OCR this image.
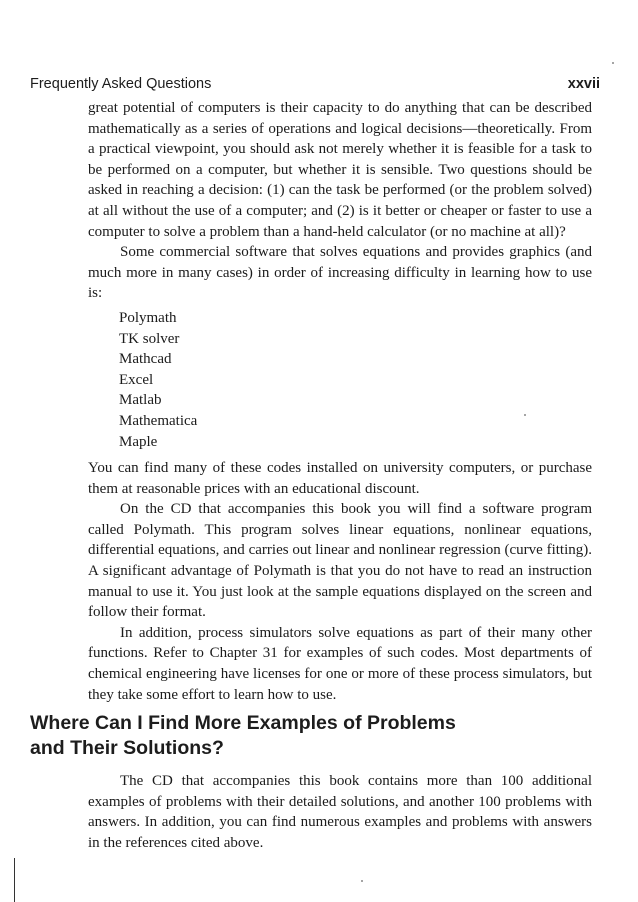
Frequently Asked Questions	xxvii

great potential of computers is their capacity to do anything that can be described mathematically as a series of operations and logical decisions—theoretically. From a practical viewpoint, you should ask not merely whether it is feasible for a task to be performed on a computer, but whether it is sensible. Two questions should be asked in reaching a decision: (1) can the task be performed (or the problem solved) at all without the use of a computer; and (2) is it better or cheaper or faster to use a computer to solve a problem than a hand-held calculator (or no machine at all)?

Some commercial software that solves equations and provides graphics (and much more in many cases) in order of increasing difficulty in learning how to use is:

Polymath
TK solver
Mathcad
Excel
Matlab
Mathematica
Maple

You can find many of these codes installed on university computers, or purchase them at reasonable prices with an educational discount.

On the CD that accompanies this book you will find a software program called Polymath. This program solves linear equations, nonlinear equations, differential equations, and carries out linear and nonlinear regression (curve fitting). A significant advantage of Polymath is that you do not have to read an instruction manual to use it. You just look at the sample equations displayed on the screen and follow their format.

In addition, process simulators solve equations as part of their many other functions. Refer to Chapter 31 for examples of such codes. Most departments of chemical engineering have licenses for one or more of these process simulators, but they take some effort to learn how to use.

Where Can I Find More Examples of Problems
and Their Solutions?

The CD that accompanies this book contains more than 100 additional examples of problems with their detailed solutions, and another 100 problems with answers. In addition, you can find numerous examples and problems with answers in the references cited above.
